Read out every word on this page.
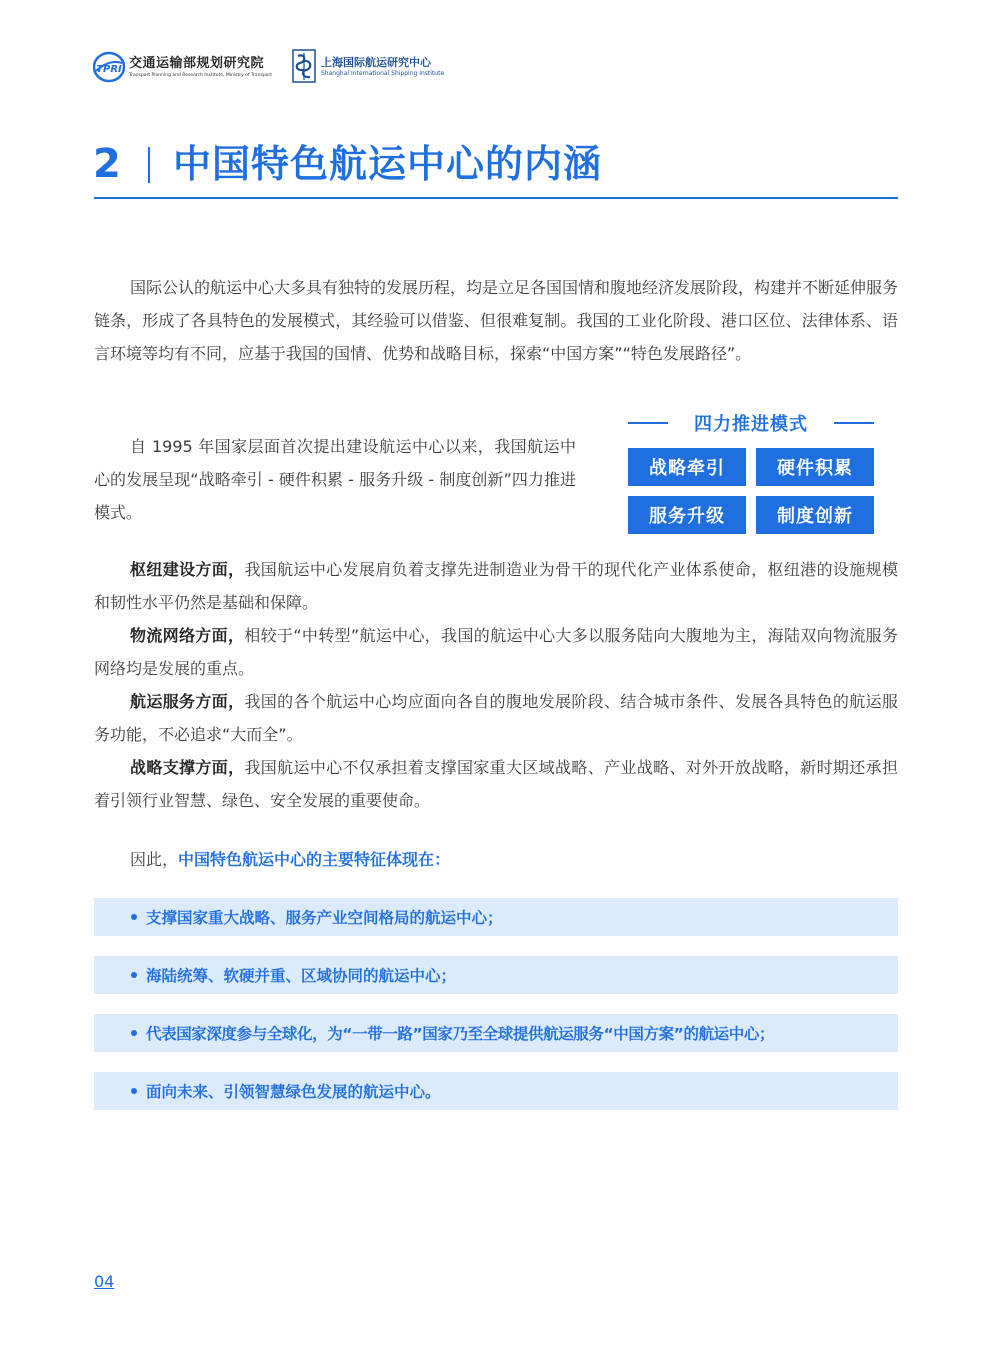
TPRI 交通运输部规划研究院
Transport Planning and Research Institute, Ministry of Transport
上海国际航运研究中心
Shanghai International Shipping Institute
2 中国特色航运中心的内涵
国际公认的航运中心大多具有独特的发展历程，均是立足各国国情和腹地经济发展阶段，构建并不断延伸服务链条，形成了各具特色的发展模式，其经验可以借鉴、但很难复制。我国的工业化阶段、港口区位、法律体系、语言环境等均有不同，应基于我国的国情、优势和战略目标，探索“中国方案”“特色发展路径”。
自 1995 年国家层面首次提出建设航运中心以来，我国航运中心的发展呈现“战略牵引 - 硬件积累 - 服务升级 - 制度创新”四力推进模式。
四力推进模式
战略牵引	硬件积累
服务升级	制度创新
枢纽建设方面，我国航运中心发展肩负着支撑先进制造业为骨干的现代化产业体系使命，枢纽港的设施规模和韧性水平仍然是基础和保障。
物流网络方面，相较于“中转型”航运中心，我国的航运中心大多以服务陆向大腹地为主，海陆双向物流服务网络均是发展的重点。
航运服务方面，我国的各个航运中心均应面向各自的腹地发展阶段、结合城市条件、发展各具特色的航运服务功能，不必追求“大而全”。
战略支撑方面，我国航运中心不仅承担着支撑国家重大区域战略、产业战略、对外开放战略，新时期还承担着引领行业智慧、绿色、安全发展的重要使命。
因此，中国特色航运中心的主要特征体现在：
支撑国家重大战略、服务产业空间格局的航运中心；
海陆统筹、软硬并重、区域协同的航运中心；
代表国家深度参与全球化，为“一带一路”国家乃至全球提供航运服务“中国方案”的航运中心；
面向未来、引领智慧绿色发展的航运中心。
04
